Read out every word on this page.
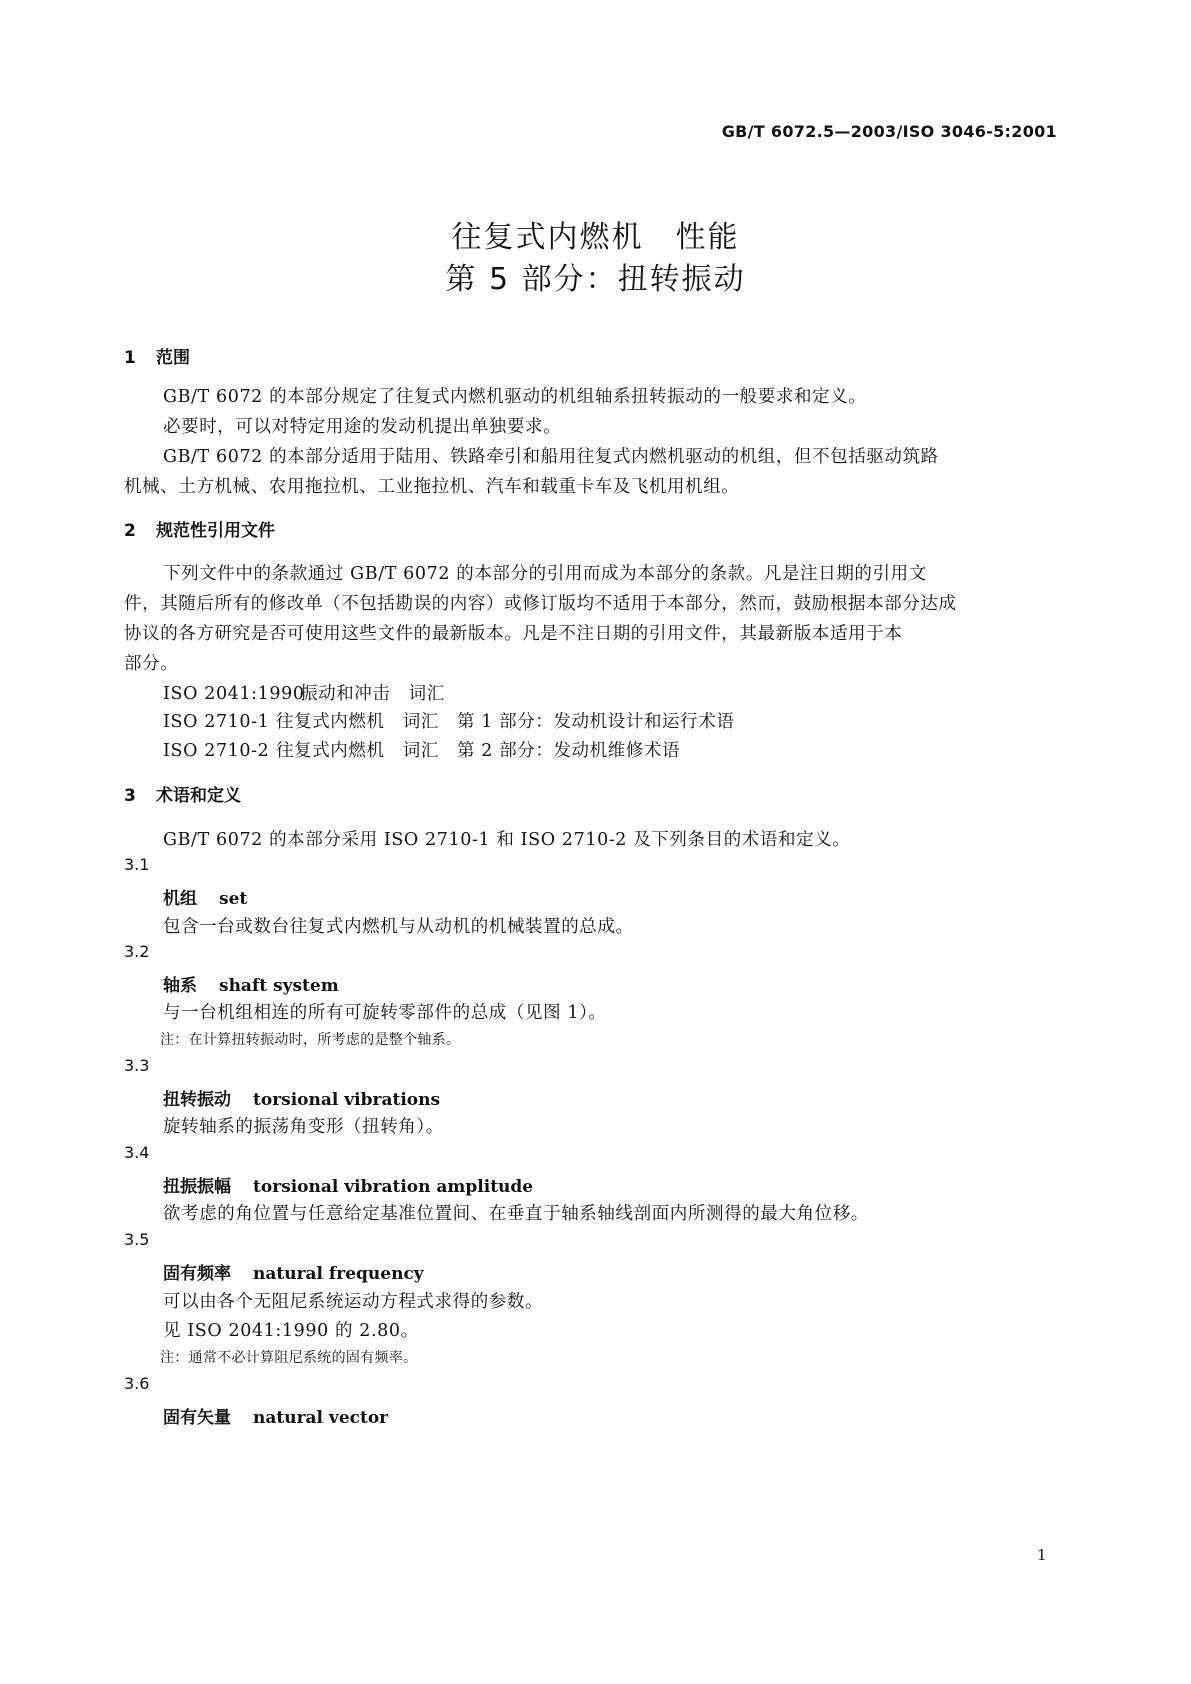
GB/T 6072.5—2003/ISO 3046-5:2001
往复式内燃机　性能
第 5 部分：扭转振动
1 范围
GB/T 6072 的本部分规定了往复式内燃机驱动的机组轴系扭转振动的一般要求和定义。
必要时，可以对特定用途的发动机提出单独要求。
GB/T 6072 的本部分适用于陆用、铁路牵引和船用往复式内燃机驱动的机组，但不包括驱动筑路
机械、土方机械、农用拖拉机、工业拖拉机、汽车和载重卡车及飞机用机组。
2 规范性引用文件
下列文件中的条款通过 GB/T 6072 的本部分的引用而成为本部分的条款。凡是注日期的引用文
件，其随后所有的修改单（不包括勘误的内容）或修订版均不适用于本部分，然而，鼓励根据本部分达成
协议的各方研究是否可使用这些文件的最新版本。凡是不注日期的引用文件，其最新版本适用于本
部分。
ISO 2041:1990振动和冲击　词汇
ISO 2710-1 往复式内燃机　词汇　第 1 部分：发动机设计和运行术语
ISO 2710-2 往复式内燃机　词汇　第 2 部分：发动机维修术语
3 术语和定义
GB/T 6072 的本部分采用 ISO 2710-1 和 ISO 2710-2 及下列条目的术语和定义。
3.1
机组 set
包含一台或数台往复式内燃机与从动机的机械装置的总成。
3.2
轴系 shaft system
与一台机组相连的所有可旋转零部件的总成（见图 1）。
注：在计算扭转振动时，所考虑的是整个轴系。
3.3
扭转振动 torsional vibrations
旋转轴系的振荡角变形（扭转角）。
3.4
扭振振幅 torsional vibration amplitude
欲考虑的角位置与任意给定基准位置间、在垂直于轴系轴线剖面内所测得的最大角位移。
3.5
固有频率 natural frequency
可以由各个无阻尼系统运动方程式求得的参数。
见 ISO 2041:1990 的 2.80。
注：通常不必计算阻尼系统的固有频率。
3.6
固有矢量 natural vector
1
